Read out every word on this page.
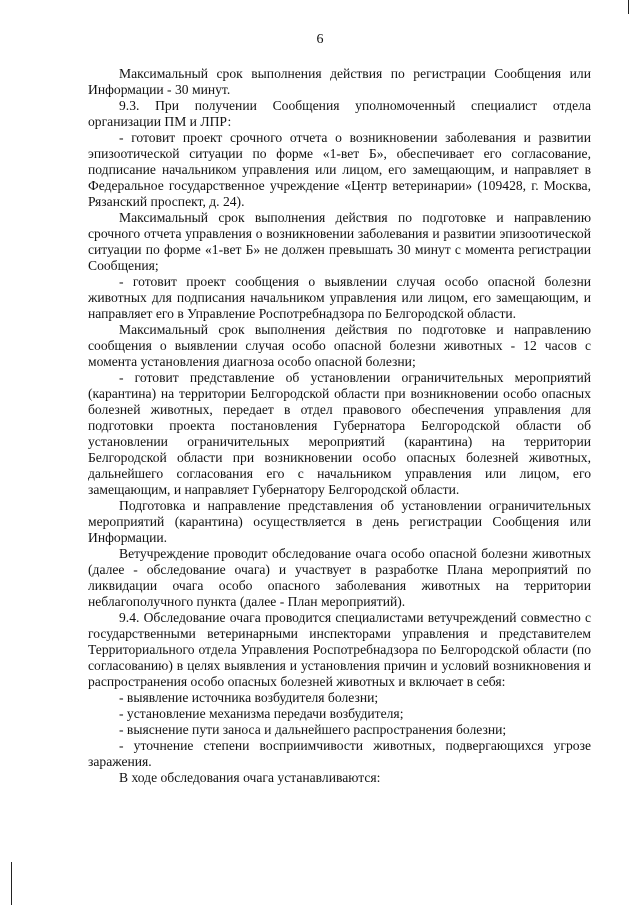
6

Максимальный срок выполнения действия по регистрации Сообщения или Информации - 30 минут.

9.3. При получении Сообщения уполномоченный специалист отдела организации ПМ и ЛПР:

- готовит проект срочного отчета о возникновении заболевания и развитии эпизоотической ситуации по форме «1-вет Б», обеспечивает его согласование, подписание начальником управления или лицом, его замещающим, и направляет в Федеральное государственное учреждение «Центр ветеринарии» (109428, г. Москва, Рязанский проспект, д. 24).

Максимальный срок выполнения действия по подготовке и направлению срочного отчета управления о возникновении заболевания и развитии эпизоотической ситуации по форме «1-вет Б» не должен превышать 30 минут с момента регистрации Сообщения;

- готовит проект сообщения о выявлении случая особо опасной болезни животных для подписания начальником управления или лицом, его замещающим, и направляет его в Управление Роспотребнадзора по Белгородской области.

Максимальный срок выполнения действия по подготовке и направлению сообщения о выявлении случая особо опасной болезни животных - 12 часов с момента установления диагноза особо опасной болезни;

- готовит представление об установлении ограничительных мероприятий (карантина) на территории Белгородской области при возникновении особо опасных болезней животных, передает в отдел правового обеспечения управления для подготовки проекта постановления Губернатора Белгородской области об установлении ограничительных мероприятий (карантина) на территории Белгородской области при возникновении особо опасных болезней животных, дальнейшего согласования его с начальником управления или лицом, его замещающим, и направляет Губернатору Белгородской области.

Подготовка и направление представления об установлении ограничительных мероприятий (карантина) осуществляется в день регистрации Сообщения или Информации.

Ветучреждение проводит обследование очага особо опасной болезни животных (далее - обследование очага) и участвует в разработке Плана мероприятий по ликвидации очага особо опасного заболевания животных на территории неблагополучного пункта (далее - План мероприятий).

9.4. Обследование очага проводится специалистами ветучреждений совместно с государственными ветеринарными инспекторами управления и представителем Территориального отдела Управления Роспотребнадзора по Белгородской области (по согласованию) в целях выявления и установления причин и условий возникновения и распространения особо опасных болезней животных и включает в себя:

- выявление источника возбудителя болезни;

- установление механизма передачи возбудителя;

- выяснение пути заноса и дальнейшего распространения болезни;

- уточнение степени восприимчивости животных, подвергающихся угрозе заражения.

В ходе обследования очага устанавливаются:
